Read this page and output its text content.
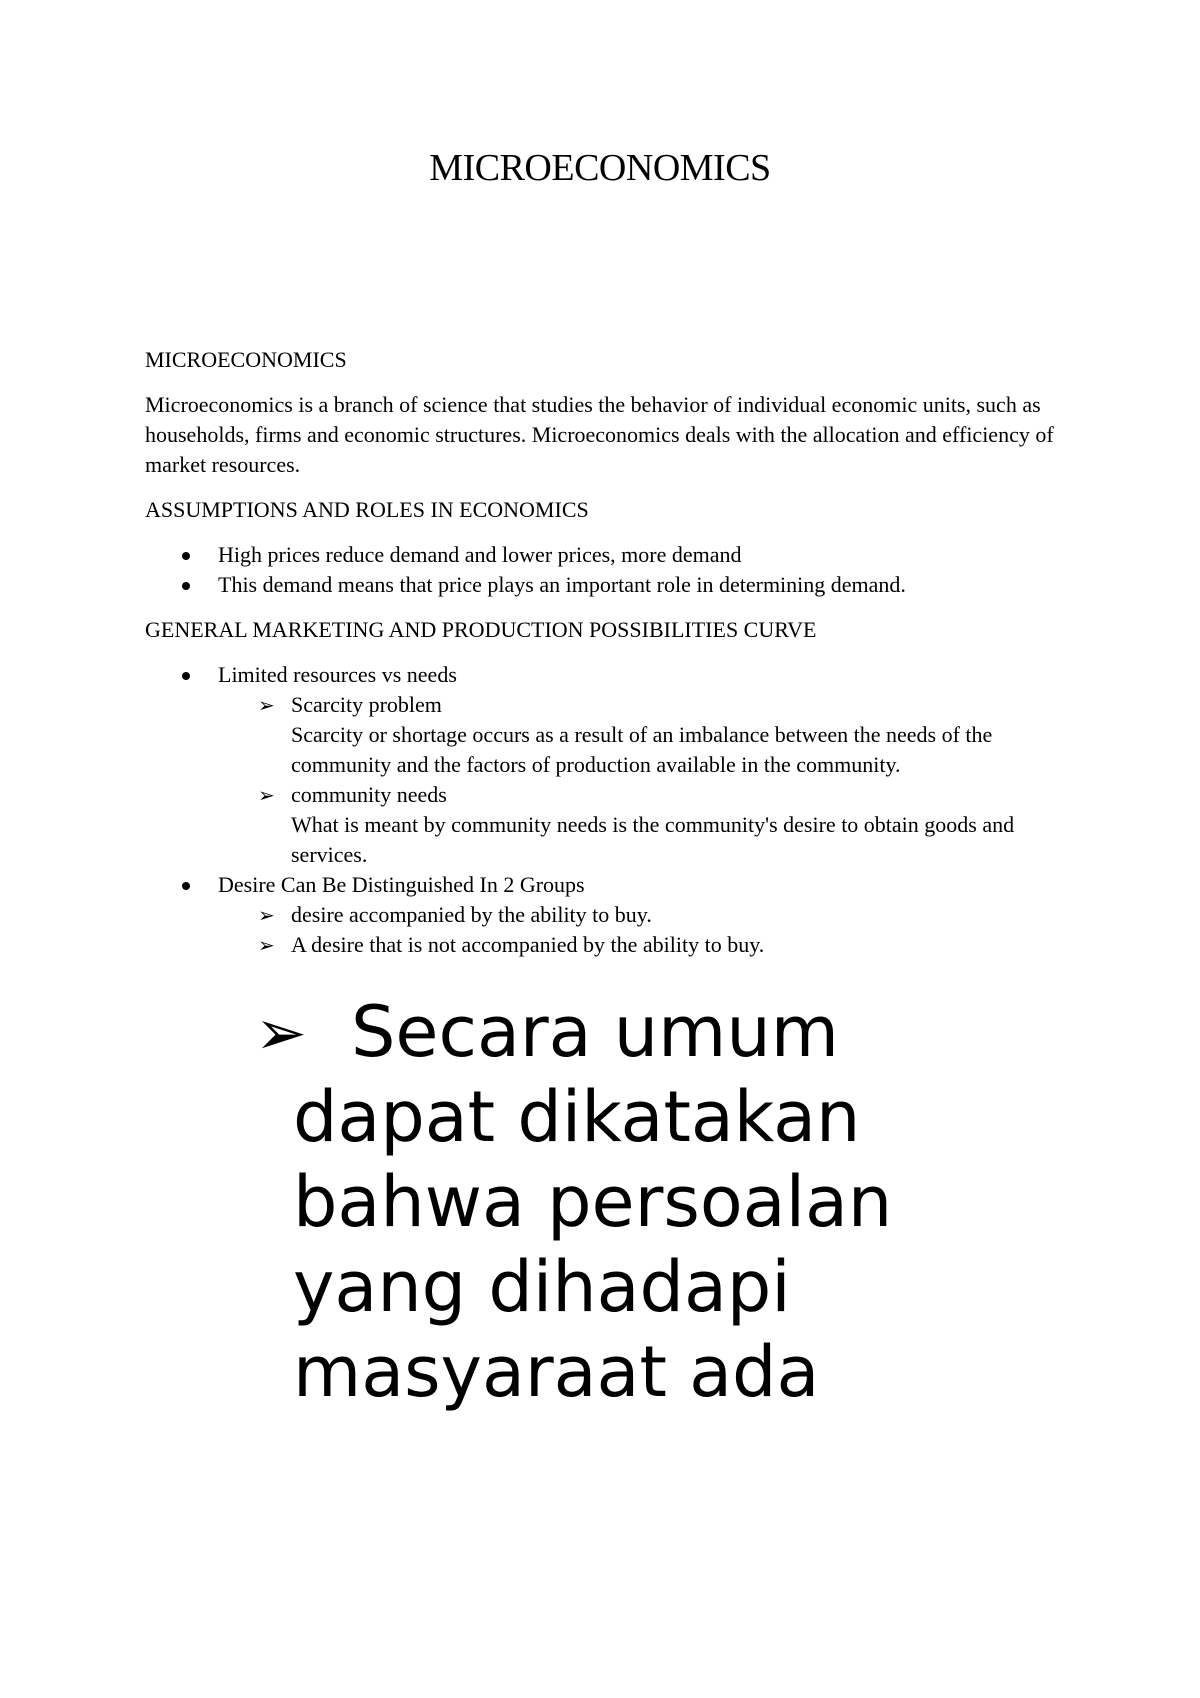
MICROECONOMICS

MICROECONOMICS

Microeconomics is a branch of science that studies the behavior of individual economic units, such as households, firms and economic structures. Microeconomics deals with the allocation and efficiency of market resources.

ASSUMPTIONS AND ROLES IN ECONOMICS

High prices reduce demand and lower prices, more demand
This demand means that price plays an important role in determining demand.

GENERAL MARKETING AND PRODUCTION POSSIBILITIES CURVE

Limited resources vs needs
➢ Scarcity problem
Scarcity or shortage occurs as a result of an imbalance between the needs of the community and the factors of production available in the community.
➢ community needs
What is meant by community needs is the community's desire to obtain goods and services.
Desire Can Be Distinguished In 2 Groups
➢ desire accompanied by the ability to buy.
➢ A desire that is not accompanied by the ability to buy.
➢ Secara umum
dapat dikatakan
bahwa persoalan
yang dihadapi
masyaraat ada
